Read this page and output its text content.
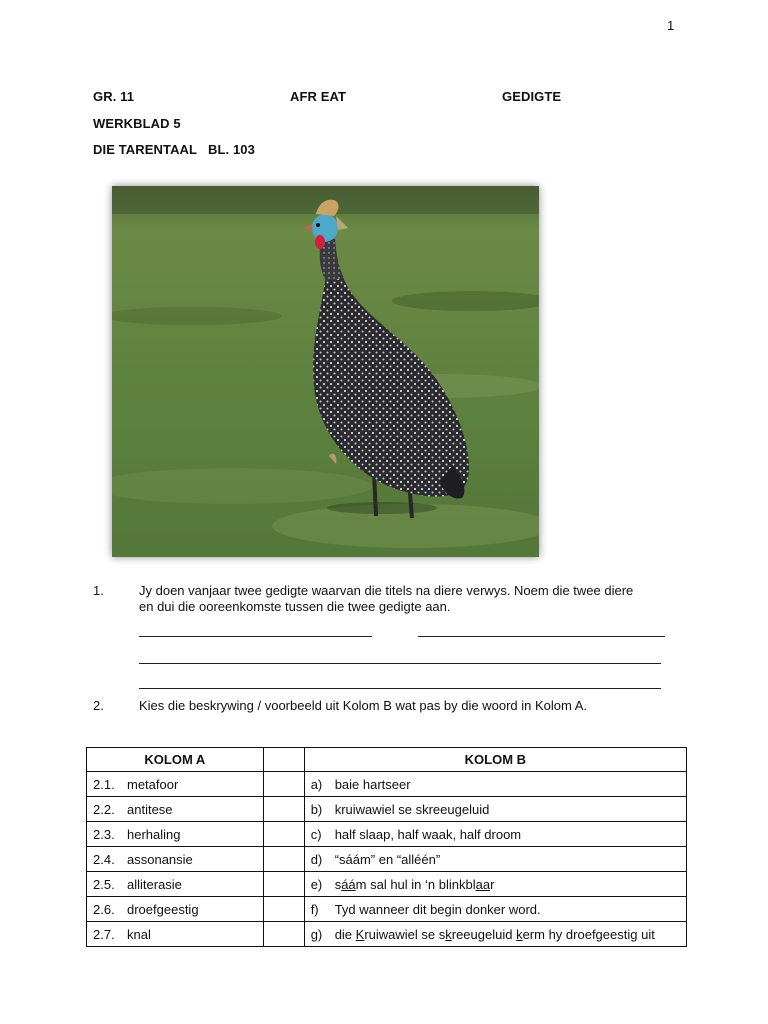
1
GR. 11	AFR EAT	GEDIGTE
WERKBLAD 5
DIE TARENTAAL   BL. 103
1.	Jy doen vanjaar twee gedigte waarvan die titels na diere verwys. Noem die twee diere
en dui die ooreenkomste tussen die twee gedigte aan.
2.	Kies die beskrywing / voorbeeld uit Kolom B wat pas by die woord in Kolom A.
KOLOM A		KOLOM B
2.1. metafoor		a) baie hartseer
2.2. antitese		b) kruiwawiel se skreeugeluid
2.3. herhaling		c) half slaap, half waak, half droom
2.4. assonansie		d) “sáám” en “alléén”
2.5. alliterasie		e) sáám sal hul in ‘n blinkblaar
2.6. droefgeestig		f) Tyd wanneer dit begin donker word.
2.7. knal		g) die Kruiwawiel se skreeugeluid kerm hy droefgeestig uit
